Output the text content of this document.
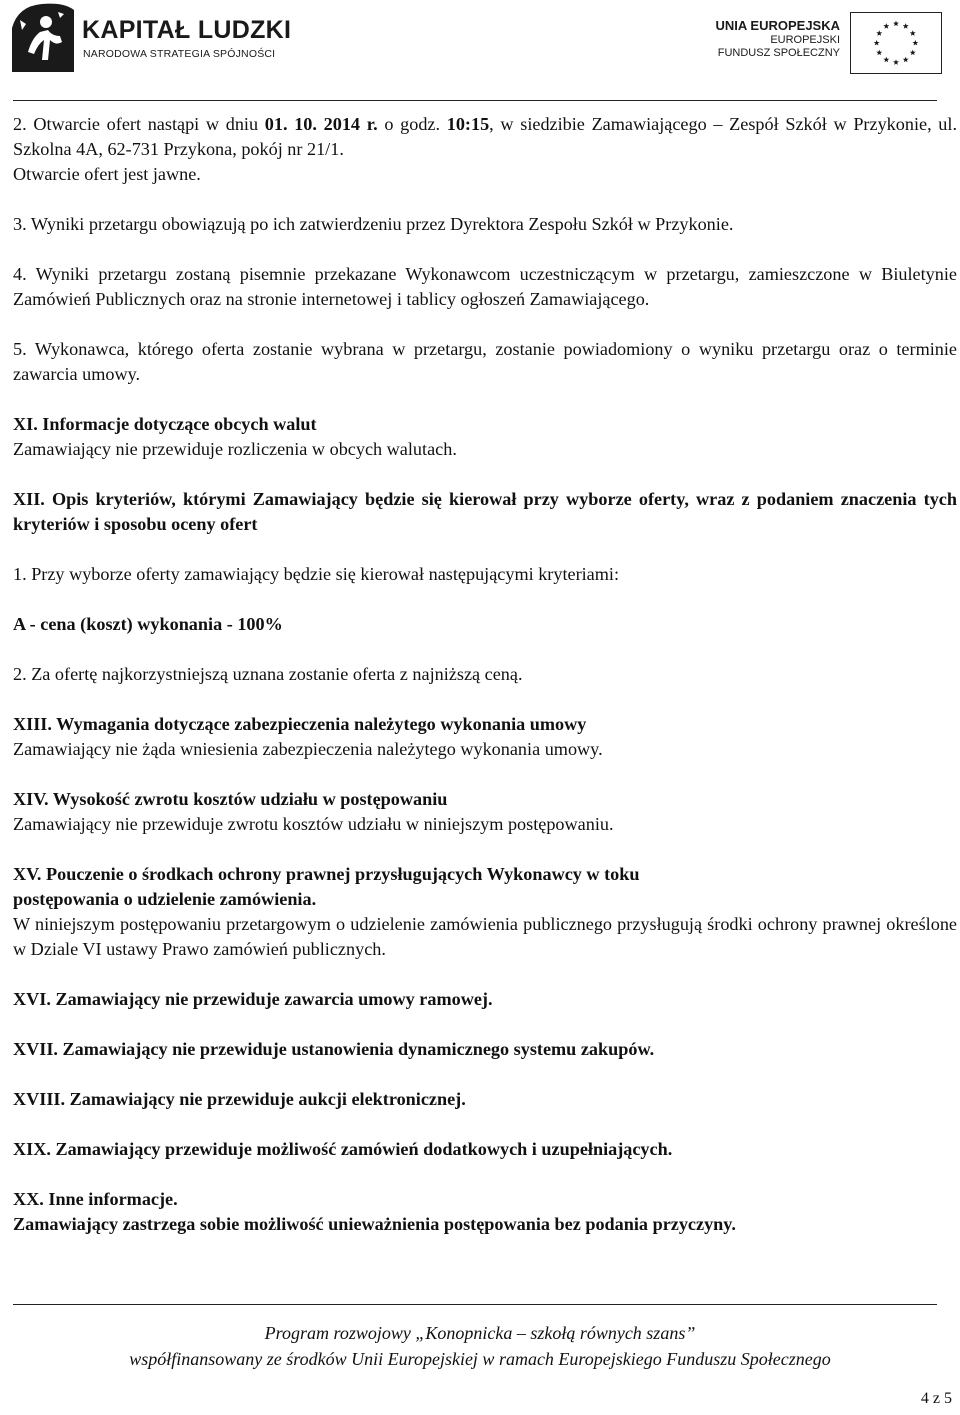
KAPITAŁ LUDZKI
NARODOWA STRATEGIA SPÓJNOŚCI
UNIA EUROPEJSKA
EUROPEJSKI
FUNDUSZ SPOŁECZNY

2. Otwarcie ofert nastąpi w dniu 01. 10. 2014 r. o godz. 10:15, w siedzibie Zamawiającego – Zespół Szkół w Przykonie, ul. Szkolna 4A, 62-731 Przykona, pokój nr 21/1.

Otwarcie ofert jest jawne.

3. Wyniki przetargu obowiązują po ich zatwierdzeniu przez Dyrektora Zespołu Szkół w Przykonie.

4. Wyniki przetargu zostaną pisemnie przekazane Wykonawcom uczestniczącym w przetargu, zamieszczone w Biuletynie Zamówień Publicznych oraz na stronie internetowej i tablicy ogłoszeń Zamawiającego.

5. Wykonawca, którego oferta zostanie wybrana w przetargu, zostanie powiadomiony o wyniku przetargu oraz o terminie zawarcia umowy.

XI. Informacje dotyczące obcych walut

Zamawiający nie przewiduje rozliczenia w obcych walutach.

XII. Opis kryteriów, którymi Zamawiający będzie się kierował przy wyborze oferty, wraz z podaniem znaczenia tych kryteriów i sposobu oceny ofert

1. Przy wyborze oferty zamawiający będzie się kierował następującymi kryteriami:

A - cena (koszt) wykonania - 100%

2. Za ofertę najkorzystniejszą uznana zostanie oferta z najniższą ceną.

XIII. Wymagania dotyczące zabezpieczenia należytego wykonania umowy

Zamawiający nie żąda wniesienia zabezpieczenia należytego wykonania umowy.

XIV. Wysokość zwrotu kosztów udziału w postępowaniu

Zamawiający nie przewiduje zwrotu kosztów udziału w niniejszym postępowaniu.

XV. Pouczenie o środkach ochrony prawnej przysługujących Wykonawcy w toku

postępowania o udzielenie zamówienia.

W niniejszym postępowaniu przetargowym o udzielenie zamówienia publicznego przysługują środki ochrony prawnej określone w Dziale VI ustawy Prawo zamówień publicznych.

XVI. Zamawiający nie przewiduje zawarcia umowy ramowej.

XVII. Zamawiający nie przewiduje ustanowienia dynamicznego systemu zakupów.

XVIII. Zamawiający nie przewiduje aukcji elektronicznej.

XIX. Zamawiający przewiduje możliwość zamówień dodatkowych i uzupełniających.

XX. Inne informacje.

Zamawiający zastrzega sobie możliwość unieważnienia postępowania bez podania przyczyny.

Program rozwojowy „Konopnicka – szkołą równych szans”
współfinansowany ze środków Unii Europejskiej w ramach Europejskiego Funduszu Społecznego
4 z 5
